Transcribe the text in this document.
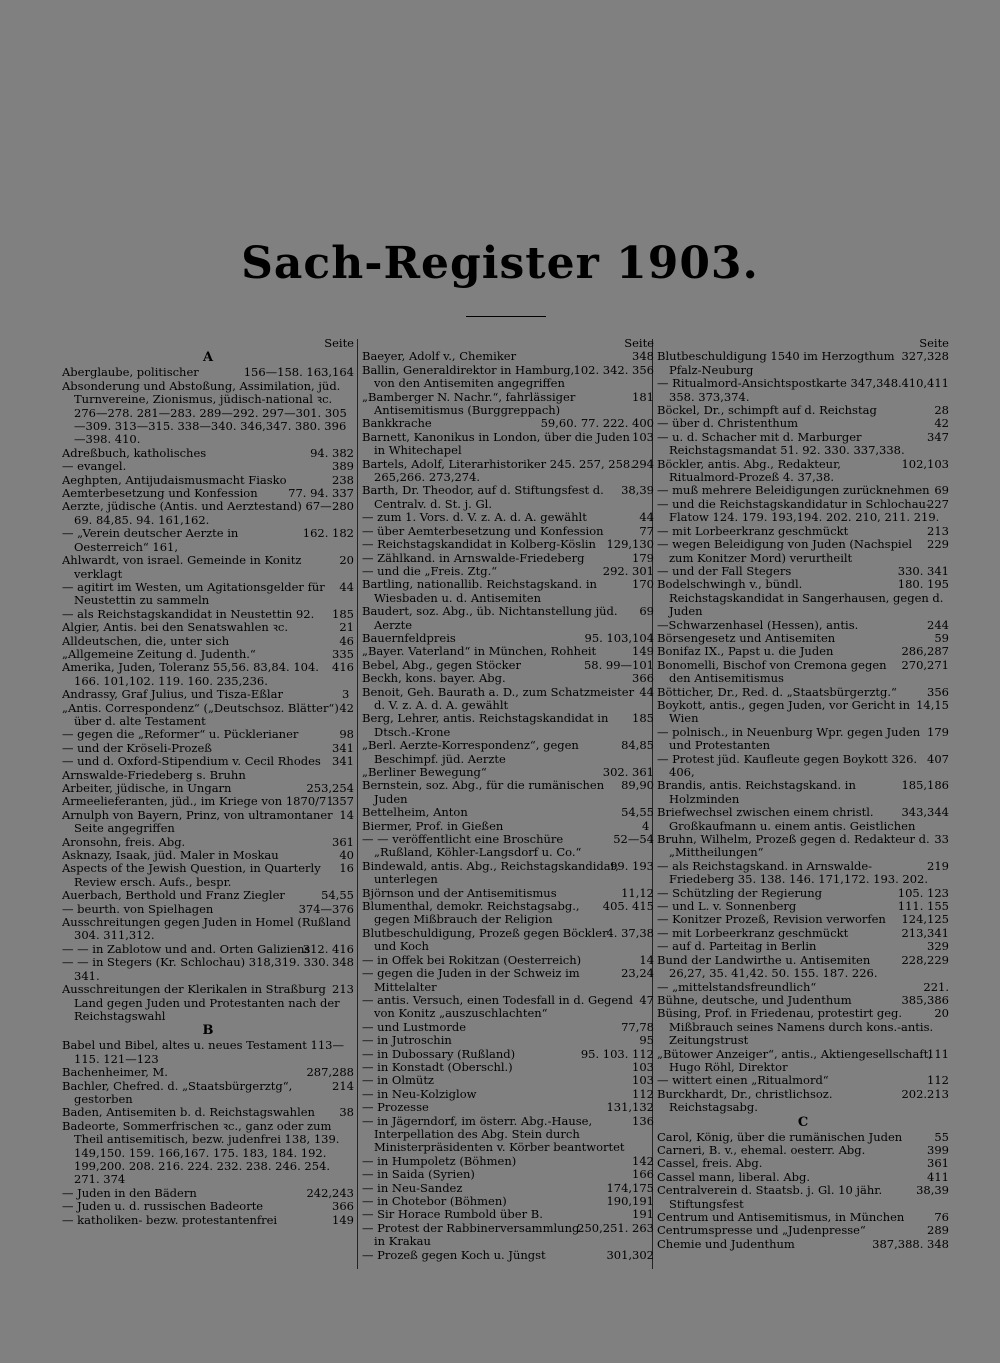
Sach-Register 1903.
Seite
A
156—158. 163,164
Aberglaube, politischer
Absonderung und Abstoßung, Assimilation, jüd. Turnvereine, Zionismus, jüdisch-national ꝛc. 276—278. 281—283. 289—292. 297—301. 305—309. 313—315. 338—340. 346,347. 380. 396—398. 410.
94. 382
Adreßbuch, katholisches
389
— evangel.
238
Aeghpten, Antijudaismusmacht Fiasko
77. 94. 337
Aemterbesetzung und Konfession
280
Aerzte, jüdische (Antis. und Aerztestand) 67—69. 84,85. 94. 161,162.
162. 182
— „Verein deutscher Aerzte in Oesterreich“ 161,
20
Ahlwardt, von israel. Gemeinde in Konitz verklagt
44
— agitirt im Westen, um Agitationsgelder für Neustettin zu sammeln
185
— als Reichstagskandidat in Neustettin 92.
21
Algier, Antis. bei den Senatswahlen ꝛc.
46
Alldeutschen, die, unter sich
335
„Allgemeine Zeitung d. Judenth.“
416
Amerika, Juden, Toleranz 55,56. 83,84. 104. 166. 101,102. 119. 160. 235,236.
3
Andrassy, Graf Julius, und Tisza-Eßlar
42
„Antis. Correspondenz“ („Deutschsoz. Blätter“) über d. alte Testament
98
— gegen die „Reformer“ u. Pücklerianer
341
— und der Kröseli-Prozeß
341
— und d. Oxford-Stipendium v. Cecil Rhodes
Arnswalde-Friedeberg s. Bruhn
253,254
Arbeiter, jüdische, in Ungarn
357
Armeelieferanten, jüd., im Kriege von 1870/71
14
Arnulph von Bayern, Prinz, von ultramontaner Seite angegriffen
361
Aronsohn, freis. Abg.
40
Asknazy, Isaak, jüd. Maler in Moskau
16
Aspects of the Jewish Question, in Quarterly Review ersch. Aufs., bespr.
54,55
Auerbach, Berthold und Franz Ziegler
374—376
— beurth. von Spielhagen
Ausschreitungen gegen Juden in Homel (Rußland 304. 311,312.
312. 416
— — in Zablotow und and. Orten Galiziens
348
— — in Stegers (Kr. Schlochau) 318,319. 330. 341.
213
Ausschreitungen der Klerikalen in Straßburg Land gegen Juden und Protestanten nach der Reichstagswahl
B
Babel und Bibel, altes u. neues Testament 113—115. 121—123
287,288
Bachenheimer, M.
214
Bachler, Chefred. d. „Staatsbürgerztg“, gestorben
38
Baden, Antisemiten b. d. Reichstagswahlen
Badeorte, Sommerfrischen ꝛc., ganz oder zum Theil antisemitisch, bezw. judenfrei 138, 139. 149,150. 159. 166,167. 175. 183, 184. 192. 199,200. 208. 216. 224. 232. 238. 246. 254. 271. 374
242,243
— Juden in den Bädern
366
— Juden u. d. russischen Badeorte
149
— katholiken- bezw. protestantenfrei
Seite
348
Baeyer, Adolf v., Chemiker
102. 342. 356
Ballin, Generaldirektor in Hamburg, von den Antisemiten angegriffen
181
„Bamberger N. Nachr.“, fahrlässiger Antisemitismus (Burggreppach)
59,60. 77. 222. 400
Bankkrache
103
Barnett, Kanonikus in London, über die Juden in Whitechapel
294
Bartels, Adolf, Literarhistoriker 245. 257, 258. 265,266. 273,274.
38,39
Barth, Dr. Theodor, auf d. Stiftungsfest d. Centralv. d. St. j. Gl.
44
— zum 1. Vors. d. V. z. A. d. A. gewählt
77
— über Aemterbesetzung und Konfession
129,130
— Reichstagskandidat in Kolberg-Köslin
179
— Zählkand. in Arnswalde-Friedeberg
292. 301
— und die „Freis. Ztg.“
170
Bartling, nationallib. Reichstagskand. in Wiesbaden u. d. Antisemiten
69
Baudert, soz. Abg., üb. Nichtanstellung jüd. Aerzte
95. 103,104
Bauernfeldpreis
149
„Bayer. Vaterland“ in München, Rohheit
58. 99—101
Bebel, Abg., gegen Stöcker
366
Beckh, kons. bayer. Abg.
44
Benoit, Geh. Baurath a. D., zum Schatzmeister d. V. z. A. d. A. gewählt
185
Berg, Lehrer, antis. Reichstagskandidat in Dtsch.-Krone
84,85
„Berl. Aerzte-Korrespondenz“, gegen Beschimpf. jüd. Aerzte
302. 361
„Berliner Bewegung“
89,90
Bernstein, soz. Abg., für die rumänischen Juden
54,55
Bettelheim, Anton
4
Biermer, Prof. in Gießen
52—54
— — veröffentlicht eine Broschüre „Rußland, Köhler-Langsdorf u. Co.“
99. 193
Bindewald, antis. Abg., Reichstagskandidat, unterlegen
11,12
Björnson und der Antisemitismus
405. 415
Blumenthal, demokr. Reichstagsabg., gegen Mißbrauch der Religion
4. 37,38
Blutbeschuldigung, Prozeß gegen Böckler und Koch
14
— in Offek bei Rokitzan (Oesterreich)
23,24
— gegen die Juden in der Schweiz im Mittelalter
47
— antis. Versuch, einen Todesfall in d. Gegend von Konitz „auszuschlachten“
77,78
— und Lustmorde
95
— in Jutroschin
95. 103. 112
— in Dubossary (Rußland)
103
— in Konstadt (Oberschl.)
103
— in Olmütz
112
— in Neu-Kolziglow
131,132
— Prozesse
136
— in Jägerndorf, im österr. Abg.-Hause, Interpellation des Abg. Stein durch Ministerpräsidenten v. Körber beantwortet
142
— in Humpoletz (Böhmen)
166
— in Saida (Syrien)
174,175
— in Neu-Sandez
190,191
— in Chotebor (Böhmen)
191
— Sir Horace Rumbold über B.
250,251. 263
— Protest der Rabbinerversammlung in Krakau
301,302
— Prozeß gegen Koch u. Jüngst
Seite
327,328
Blutbeschuldigung 1540 im Herzogthum Pfalz-Neuburg
410,411
— Ritualmord-Ansichtspostkarte 347,348. 358. 373,374.
28
Böckel, Dr., schimpft auf d. Reichstag
42
— über d. Christenthum
347
— u. d. Schacher mit d. Marburger Reichstagsmandat 51. 92. 330. 337,338.
102,103
Böckler, antis. Abg., Redakteur, Ritualmord-Prozeß 4. 37,38.
69
— muß mehrere Beleidigungen zurücknehmen
227
— und die Reichstagskandidatur in Schlochau-Flatow 124. 179. 193,194. 202. 210, 211. 219.
213
— mit Lorbeerkranz geschmückt
229
— wegen Beleidigung von Juden (Nachspiel zum Konitzer Mord) verurtheilt
330. 341
— und der Fall Stegers
180. 195
Bodelschwingh v., bündl. Reichstagskandidat in Sangerhausen, gegen d. Juden
244
—Schwarzenhasel (Hessen), antis.
59
Börsengesetz und Antisemiten
286,287
Bonifaz IX., Papst u. die Juden
270,271
Bonomelli, Bischof von Cremona gegen den Antisemitismus
356
Bötticher, Dr., Red. d. „Staatsbürgerztg.“
14,15
Boykott, antis., gegen Juden, vor Gericht in Wien
179
— polnisch., in Neuenburg Wpr. gegen Juden und Protestanten
407
— Protest jüd. Kaufleute gegen Boykott 326. 406,
185,186
Brandis, antis. Reichstagskand. in Holzminden
343,344
Briefwechsel zwischen einem christl. Großkaufmann u. einem antis. Geistlichen
33
Bruhn, Wilhelm, Prozeß gegen d. Redakteur d. „Mittheilungen“
219
— als Reichstagskand. in Arnswalde-Friedeberg 35. 138. 146. 171,172. 193. 202.
105. 123
— Schützling der Regierung
111. 155
— und L. v. Sonnenberg
124,125
— Konitzer Prozeß, Revision verworfen
213,341
— mit Lorbeerkranz geschmückt
329
— auf d. Parteitag in Berlin
228,229
Bund der Landwirthe u. Antisemiten 26,27, 35. 41,42. 50. 155. 187. 226.
221.
— „mittelstandsfreundlich“
385,386
Bühne, deutsche, und Judenthum
20
Büsing, Prof. in Friedenau, protestirt geg. Mißbrauch seines Namens durch kons.-antis. Zeitungstrust
111
„Bütower Anzeiger“, antis., Aktiengesellschaft, Hugo Röhl, Direktor
112
— wittert einen „Ritualmord“
202.213
Burckhardt, Dr., christlichsoz. Reichstagsabg.
C
55
Carol, König, über die rumänischen Juden
399
Carneri, B. v., ehemal. oesterr. Abg.
361
Cassel, freis. Abg.
411
Cassel mann, liberal. Abg.
38,39
Centralverein d. Staatsb. j. Gl. 10 jähr. Stiftungsfest
76
Centrum und Antisemitismus, in München
289
Centrumspresse und „Judenpresse“
387,388. 348
Chemie und Judenthum
